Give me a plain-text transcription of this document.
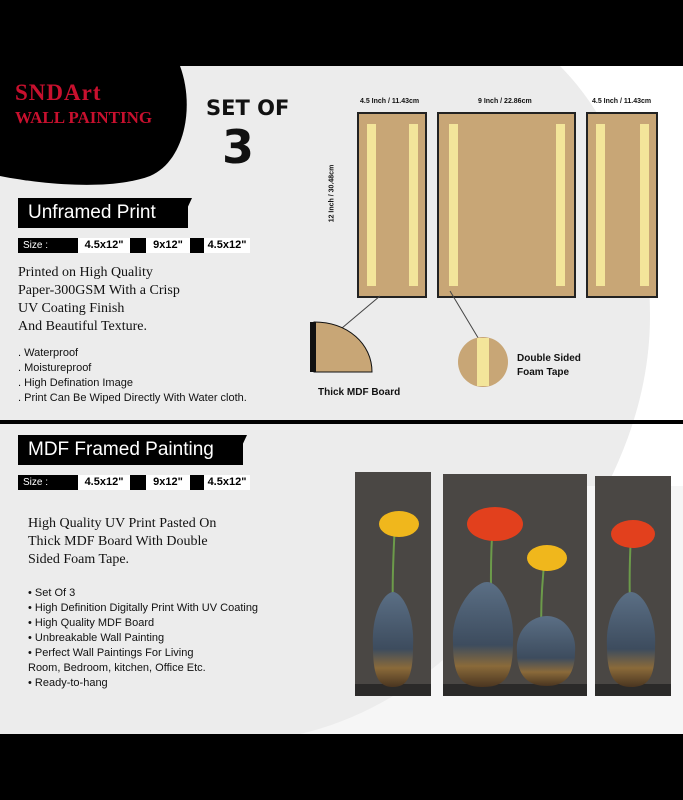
SNDArt
WALL PAINTING	SET OF
3
Unframed Print
Size :	4.5x12"	9x12"	4.5x12"
Printed on High Quality
Paper-300GSM With a Crisp
UV Coating Finish
And Beautiful Texture.
. Waterproof
. Moistureproof
. High Defination Image
. Print Can Be Wiped Directly With Water cloth.
4.5 Inch / 11.43cm	9 Inch / 22.86cm	4.5 Inch / 11.43cm
12 Inch / 30.48cm
Thick MDF Board
Double Sided
Foam Tape
MDF Framed Painting
Size :	4.5x12"	9x12"	4.5x12"
High Quality UV Print Pasted On
Thick MDF Board With Double
Sided Foam Tape.
• Set Of 3
• High Definition Digitally Print With UV Coating
• High Quality MDF Board
• Unbreakable Wall Painting
• Perfect Wall Paintings For Living
Room, Bedroom, kitchen, Office Etc.
• Ready-to-hang
